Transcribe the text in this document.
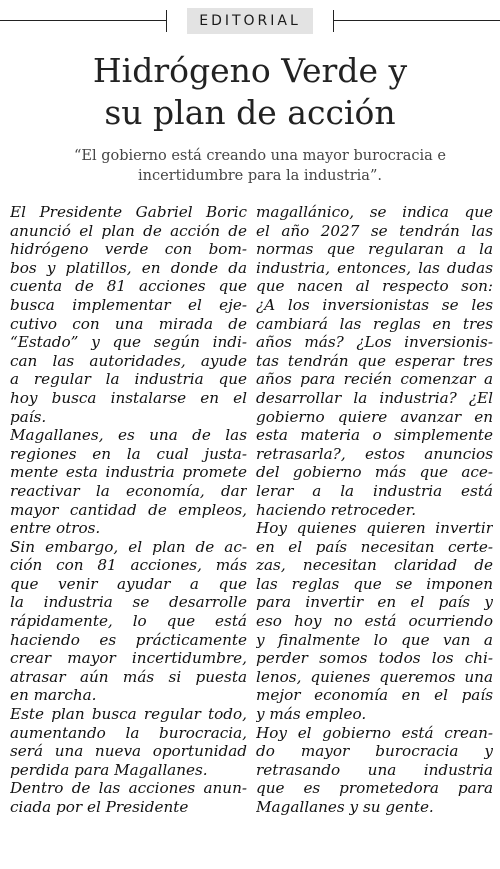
EDITORIAL
Hidrógeno Verde y
su plan de acción
“El gobierno está creando una mayor burocracia e
incertidumbre para la industria”.
El Presidente Gabriel Boric
anunció el plan de acción de
hidrógeno verde con bom-
bos y platillos, en donde da
cuenta de 81 acciones que
busca implementar el eje-
cutivo con una mirada de
“Estado” y que según indi-
can las autoridades, ayude
a regular la industria que
hoy busca instalarse en el
país.
Magallanes, es una de las
regiones en la cual justa-
mente esta industria promete
reactivar la economía, dar
mayor cantidad de empleos,
entre otros.
Sin embargo, el plan de ac-
ción con 81 acciones, más
que venir ayudar a que
la industria se desarrolle
rápidamente, lo que está
haciendo es prácticamente
crear mayor incertidumbre,
atrasar aún más si puesta
en marcha.
Este plan busca regular todo,
aumentando la burocracia,
será una nueva oportunidad
perdida para Magallanes.
Dentro de las acciones anun-
ciada por el Presidente
magallánico, se indica que
el año 2027 se tendrán las
normas que regularan a la
industria, entonces, las dudas
que nacen al respecto son:
¿A los inversionistas se les
cambiará las reglas en tres
años más? ¿Los inversionis-
tas tendrán que esperar tres
años para recién comenzar a
desarrollar la industria? ¿El
gobierno quiere avanzar en
esta materia o simplemente
retrasarla?, estos anuncios
del gobierno más que ace-
lerar a la industria está
haciendo retroceder.
Hoy quienes quieren invertir
en el país necesitan certe-
zas, necesitan claridad de
las reglas que se imponen
para invertir en el país y
eso hoy no está ocurriendo
y finalmente lo que van a
perder somos todos los chi-
lenos, quienes queremos una
mejor economía en el país
y más empleo.
Hoy el gobierno está crean-
do mayor burocracia y
retrasando una industria
que es prometedora para
Magallanes y su gente.
